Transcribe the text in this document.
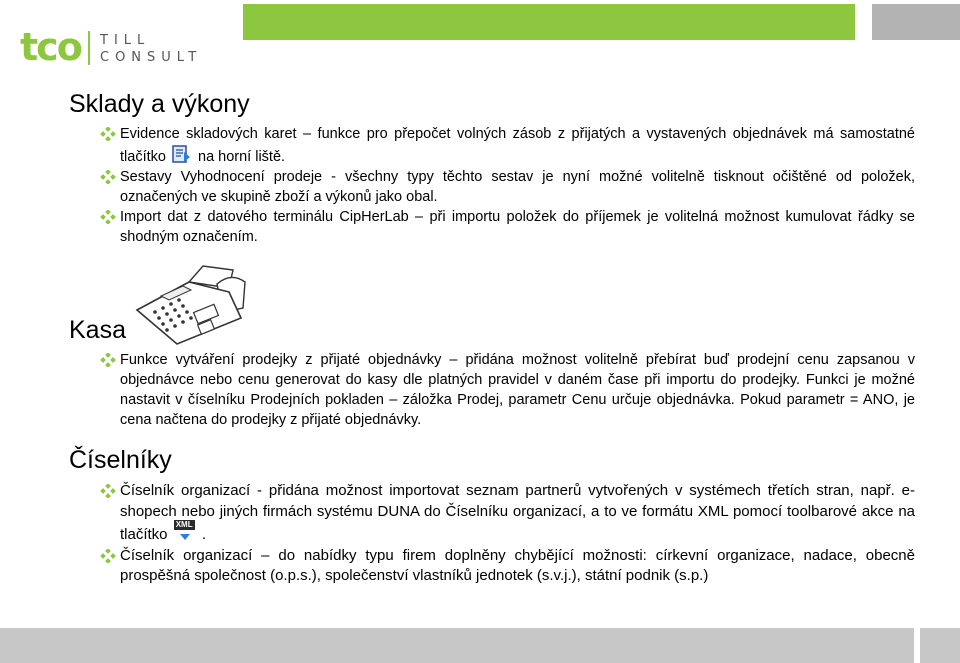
tco TILL
CONSULT
Sklady a výkony
Evidence skladových karet – funkce pro přepočet volných zásob z přijatých a vystavených objednávek má samostatné tlačítko na horní liště.
Sestavy Vyhodnocení prodeje - všechny typy těchto sestav je nyní možné volitelně tisknout očištěné od položek, označených ve skupině zboží a výkonů jako obal.
Import dat z datového terminálu CipHerLab – při importu položek do příjemek je volitelná možnost kumulovat řádky se shodným označením.
Kasa
Funkce vytváření prodejky z přijaté objednávky – přidána možnost volitelně přebírat buď prodejní cenu zapsanou v objednávce nebo cenu generovat do kasy dle platných pravidel v daném čase při importu do prodejky. Funkci je možné nastavit v číselníku Prodejních pokladen – záložka Prodej, parametr Cenu určuje objednávka. Pokud parametr = ANO, je cena načtena do prodejky z přijaté objednávky.
Číselníky
Číselník organizací - přidána možnost importovat seznam partnerů vytvořených v systémech třetích stran, např. e-shopech nebo jiných firmách systému DUNA do Číselníku organizací, a to ve formátu XML pomocí toolbarové akce na tlačítko
XML
.
Číselník organizací – do nabídky typu firem doplněny chybějící možnosti: církevní organizace, nadace, obecně prospěšná společnost (o.p.s.), společenství vlastníků jednotek (s.v.j.), státní podnik (s.p.)
